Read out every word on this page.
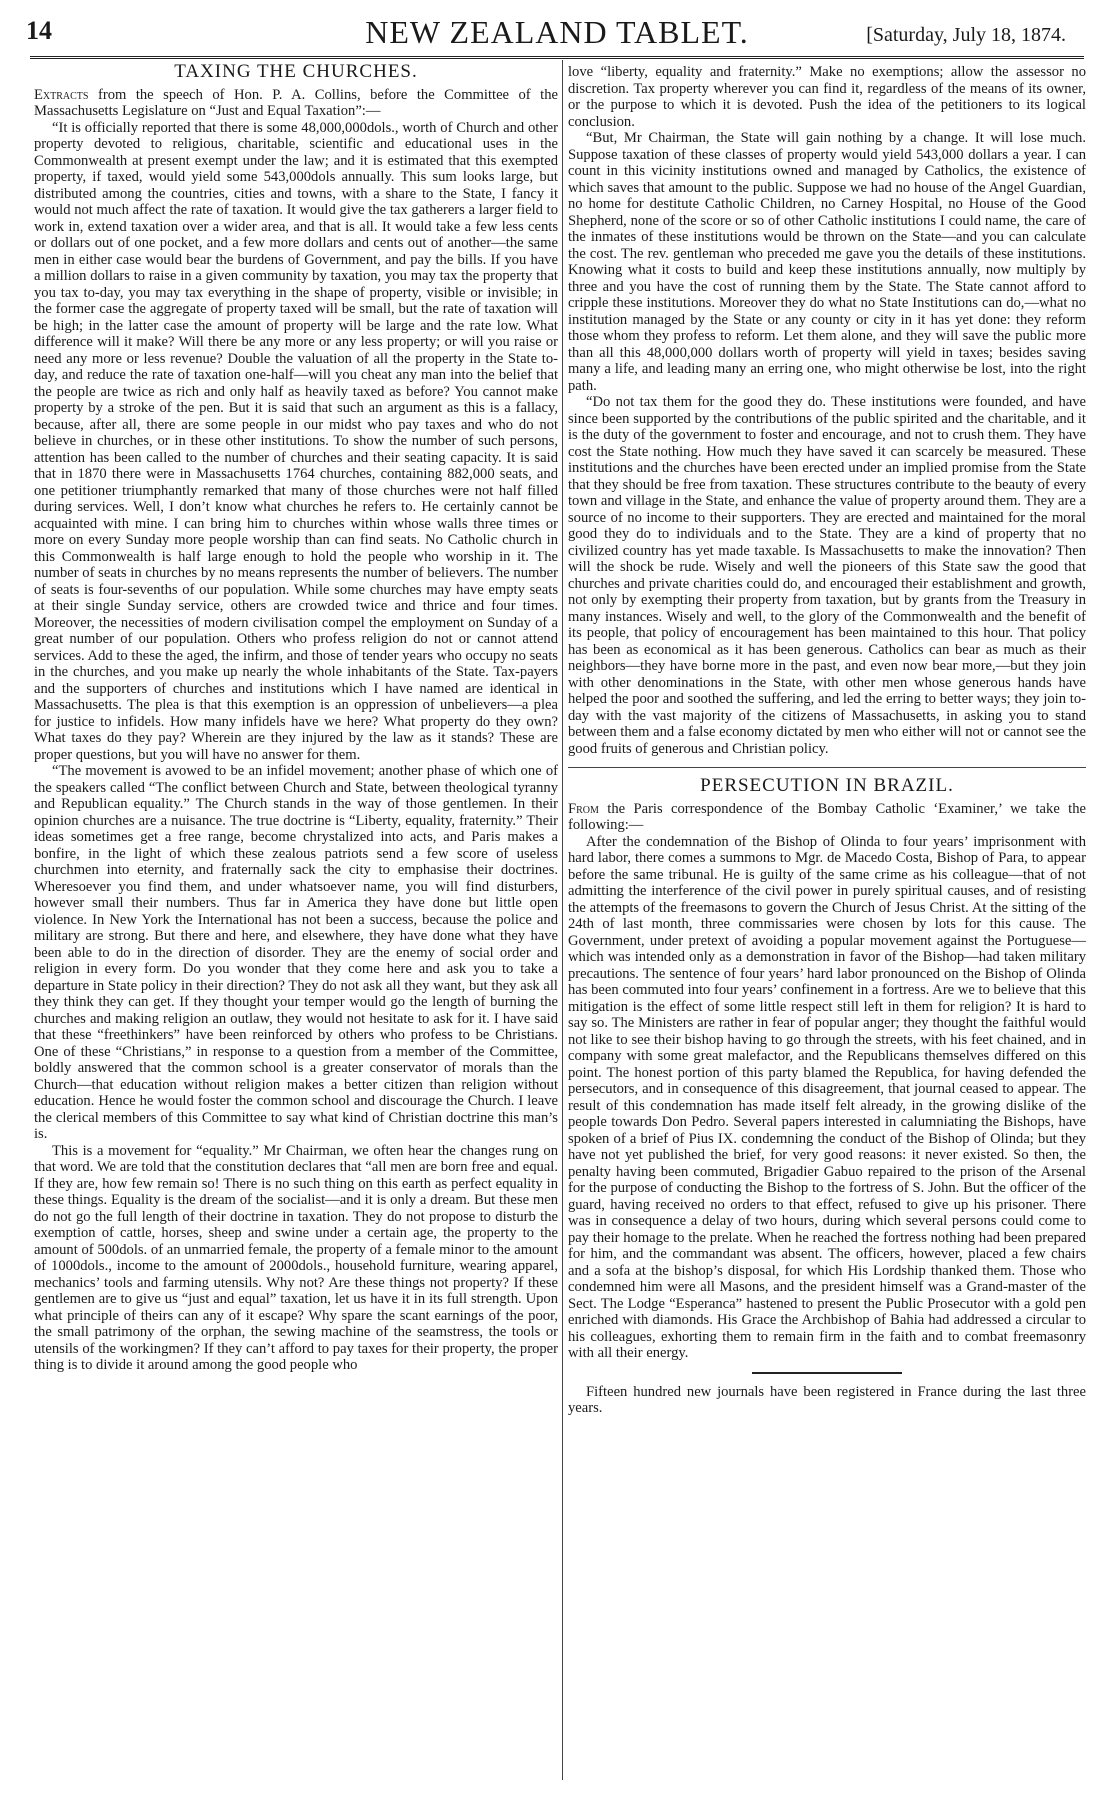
14	NEW ZEALAND TABLET.	[Saturday, July 18, 1874.
TAXING THE CHURCHES.

Extracts from the speech of Hon. P. A. Collins, before the Committee of the Massachusetts Legislature on “Just and Equal Taxation”:—

“It is officially reported that there is some 48,000,000dols., worth of Church and other property devoted to religious, charitable, scientific and educational uses in the Commonwealth at present exempt under the law; and it is estimated that this exempted property, if taxed, would yield some 543,000dols annually. This sum looks large, but distributed among the countries, cities and towns, with a share to the State, I fancy it would not much affect the rate of taxation. It would give the tax gatherers a larger field to work in, extend taxation over a wider area, and that is all. It would take a few less cents or dollars out of one pocket, and a few more dollars and cents out of another—the same men in either case would bear the burdens of Government, and pay the bills. If you have a million dollars to raise in a given community by taxation, you may tax the property that you tax to-day, you may tax everything in the shape of property, visible or invisible; in the former case the aggregate of property taxed will be small, but the rate of taxation will be high; in the latter case the amount of property will be large and the rate low. What difference will it make? Will there be any more or any less property; or will you raise or need any more or less revenue? Double the valuation of all the property in the State to-day, and reduce the rate of taxation one-half—will you cheat any man into the belief that the people are twice as rich and only half as heavily taxed as before? You cannot make property by a stroke of the pen. But it is said that such an argument as this is a fallacy, because, after all, there are some people in our midst who pay taxes and who do not believe in churches, or in these other institutions. To show the number of such persons, attention has been called to the number of churches and their seating capacity. It is said that in 1870 there were in Massachusetts 1764 churches, containing 882,000 seats, and one petitioner triumphantly remarked that many of those churches were not half filled during services. Well, I don’t know what churches he refers to. He certainly cannot be acquainted with mine. I can bring him to churches within whose walls three times or more on every Sunday more people worship than can find seats. No Catholic church in this Commonwealth is half large enough to hold the people who worship in it. The number of seats in churches by no means represents the number of believers. The number of seats is four-sevenths of our population. While some churches may have empty seats at their single Sunday service, others are crowded twice and thrice and four times. Moreover, the necessities of modern civilisation compel the employment on Sunday of a great number of our population. Others who profess religion do not or cannot attend services. Add to these the aged, the infirm, and those of tender years who occupy no seats in the churches, and you make up nearly the whole inhabitants of the State. Tax-payers and the supporters of churches and institutions which I have named are identical in Massachusetts. The plea is that this exemption is an oppression of unbelievers—a plea for justice to infidels. How many infidels have we here? What property do they own? What taxes do they pay? Wherein are they injured by the law as it stands? These are proper questions, but you will have no answer for them.

“The movement is avowed to be an infidel movement; another phase of which one of the speakers called “The conflict between Church and State, between theological tyranny and Republican equality.” The Church stands in the way of those gentlemen. In their opinion churches are a nuisance. The true doctrine is “Liberty, equality, fraternity.” Their ideas sometimes get a free range, become chrystalized into acts, and Paris makes a bonfire, in the light of which these zealous patriots send a few score of useless churchmen into eternity, and fraternally sack the city to emphasise their doctrines. Wheresoever you find them, and under whatsoever name, you will find disturbers, however small their numbers. Thus far in America they have done but little open violence. In New York the International has not been a success, because the police and military are strong. But there and here, and elsewhere, they have done what they have been able to do in the direction of disorder. They are the enemy of social order and religion in every form. Do you wonder that they come here and ask you to take a departure in State policy in their direction? They do not ask all they want, but they ask all they think they can get. If they thought your temper would go the length of burning the churches and making religion an outlaw, they would not hesitate to ask for it. I have said that these “freethinkers” have been reinforced by others who profess to be Christians. One of these “Christians,” in response to a question from a member of the Committee, boldly answered that the common school is a greater conservator of morals than the Church—that education without religion makes a better citizen than religion without education. Hence he would foster the common school and discourage the Church. I leave the clerical members of this Committee to say what kind of Christian doctrine this man’s is.

This is a movement for “equality.” Mr Chairman, we often hear the changes rung on that word. We are told that the constitution declares that “all men are born free and equal. If they are, how few remain so! There is no such thing on this earth as perfect equality in these things. Equality is the dream of the socialist—and it is only a dream. But these men do not go the full length of their doctrine in taxation. They do not propose to disturb the exemption of cattle, horses, sheep and swine under a certain age, the property to the amount of 500dols. of an unmarried female, the property of a female minor to the amount of 1000dols., income to the amount of 2000dols., household furniture, wearing apparel, mechanics’ tools and farming utensils. Why not? Are these things not property? If these gentlemen are to give us “just and equal” taxation, let us have it in its full strength. Upon what principle of theirs can any of it escape? Why spare the scant earnings of the poor, the small patrimony of the orphan, the sewing machine of the seamstress, the tools or utensils of the workingmen? If they can’t afford to pay taxes for their property, the proper thing is to divide it around among the good people who

love “liberty, equality and fraternity.” Make no exemptions; allow the assessor no discretion. Tax property wherever you can find it, regardless of the means of its owner, or the purpose to which it is devoted. Push the idea of the petitioners to its logical conclusion.

“But, Mr Chairman, the State will gain nothing by a change. It will lose much. Suppose taxation of these classes of property would yield 543,000 dollars a year. I can count in this vicinity institutions owned and managed by Catholics, the existence of which saves that amount to the public. Suppose we had no house of the Angel Guardian, no home for destitute Catholic Children, no Carney Hospital, no House of the Good Shepherd, none of the score or so of other Catholic institutions I could name, the care of the inmates of these institutions would be thrown on the State—and you can calculate the cost. The rev. gentleman who preceded me gave you the details of these institutions. Knowing what it costs to build and keep these institutions annually, now multiply by three and you have the cost of running them by the State. The State cannot afford to cripple these institutions. Moreover they do what no State Institutions can do,—what no institution managed by the State or any county or city in it has yet done: they reform those whom they profess to reform. Let them alone, and they will save the public more than all this 48,000,000 dollars worth of property will yield in taxes; besides saving many a life, and leading many an erring one, who might otherwise be lost, into the right path.

“Do not tax them for the good they do. These institutions were founded, and have since been supported by the contributions of the public spirited and the charitable, and it is the duty of the government to foster and encourage, and not to crush them. They have cost the State nothing. How much they have saved it can scarcely be measured. These institutions and the churches have been erected under an implied promise from the State that they should be free from taxation. These structures contribute to the beauty of every town and village in the State, and enhance the value of property around them. They are a source of no income to their supporters. They are erected and maintained for the moral good they do to individuals and to the State. They are a kind of property that no civilized country has yet made taxable. Is Massachusetts to make the innovation? Then will the shock be rude. Wisely and well the pioneers of this State saw the good that churches and private charities could do, and encouraged their establishment and growth, not only by exempting their property from taxation, but by grants from the Treasury in many instances. Wisely and well, to the glory of the Commonwealth and the benefit of its people, that policy of encouragement has been maintained to this hour. That policy has been as economical as it has been generous. Catholics can bear as much as their neighbors—they have borne more in the past, and even now bear more,—but they join with other denominations in the State, with other men whose generous hands have helped the poor and soothed the suffering, and led the erring to better ways; they join to-day with the vast majority of the citizens of Massachusetts, in asking you to stand between them and a false economy dictated by men who either will not or cannot see the good fruits of generous and Christian policy.

PERSECUTION IN BRAZIL.

From the Paris correspondence of the Bombay Catholic ‘Examiner,’ we take the following:—

After the condemnation of the Bishop of Olinda to four years’ imprisonment with hard labor, there comes a summons to Mgr. de Macedo Costa, Bishop of Para, to appear before the same tribunal. He is guilty of the same crime as his colleague—that of not admitting the interference of the civil power in purely spiritual causes, and of resisting the attempts of the freemasons to govern the Church of Jesus Christ. At the sitting of the 24th of last month, three commissaries were chosen by lots for this cause. The Government, under pretext of avoiding a popular movement against the Portuguese—which was intended only as a demonstration in favor of the Bishop—had taken military precautions. The sentence of four years’ hard labor pronounced on the Bishop of Olinda has been commuted into four years’ confinement in a fortress. Are we to believe that this mitigation is the effect of some little respect still left in them for religion? It is hard to say so. The Ministers are rather in fear of popular anger; they thought the faithful would not like to see their bishop having to go through the streets, with his feet chained, and in company with some great malefactor, and the Republicans themselves differed on this point. The honest portion of this party blamed the Republica, for having defended the persecutors, and in consequence of this disagreement, that journal ceased to appear. The result of this condemnation has made itself felt already, in the growing dislike of the people towards Don Pedro. Several papers interested in calumniating the Bishops, have spoken of a brief of Pius IX. condemning the conduct of the Bishop of Olinda; but they have not yet published the brief, for very good reasons: it never existed. So then, the penalty having been commuted, Brigadier Gabuo repaired to the prison of the Arsenal for the purpose of conducting the Bishop to the fortress of S. John. But the officer of the guard, having received no orders to that effect, refused to give up his prisoner. There was in consequence a delay of two hours, during which several persons could come to pay their homage to the prelate. When he reached the fortress nothing had been prepared for him, and the commandant was absent. The officers, however, placed a few chairs and a sofa at the bishop’s disposal, for which His Lordship thanked them. Those who condemned him were all Masons, and the president himself was a Grand-master of the Sect. The Lodge “Esperanca” hastened to present the Public Prosecutor with a gold pen enriched with diamonds. His Grace the Archbishop of Bahia had addressed a circular to his colleagues, exhorting them to remain firm in the faith and to combat freemasonry with all their energy.

Fifteen hundred new journals have been registered in France during the last three years.
